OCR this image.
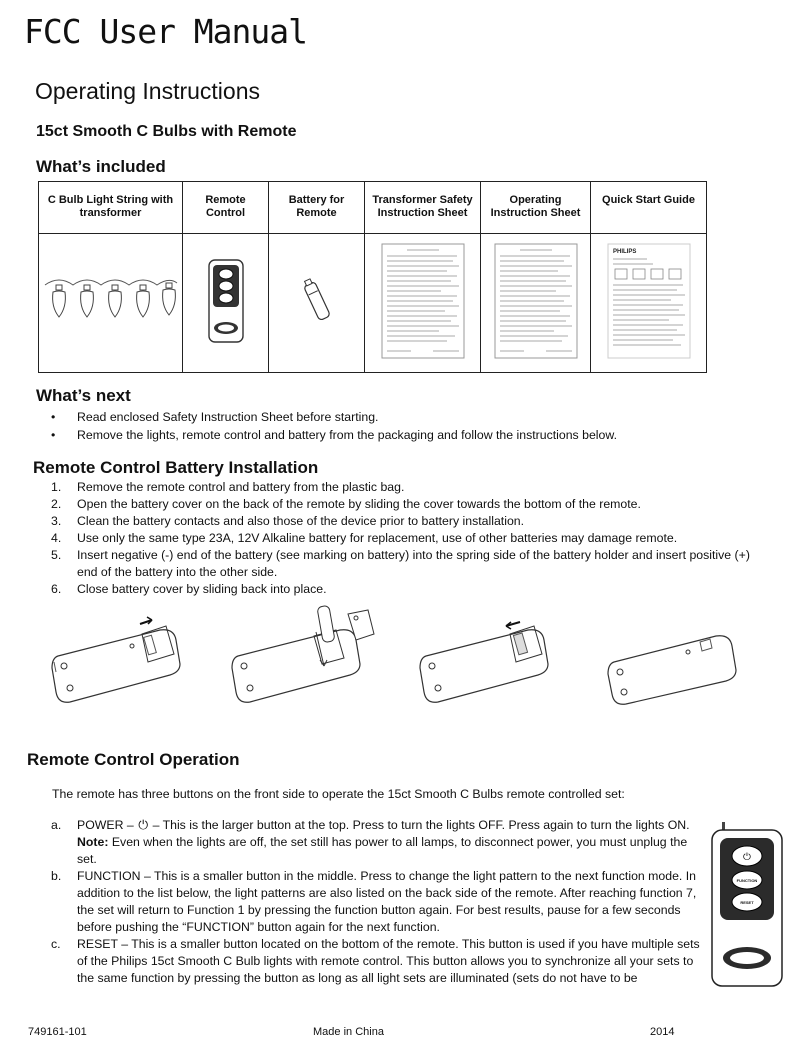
FCC User Manual
Operating Instructions
15ct Smooth C Bulbs with Remote
What’s included
C Bulb Light String with transformer	Remote Control	Battery for Remote	Transformer Safety Instruction Sheet	Operating Instruction Sheet	Quick Start Guide

PHILIPS
What’s next
• Read enclosed Safety Instruction Sheet before starting.
• Remove the lights, remote control and battery from the packaging and follow the instructions below.
Remote Control Battery Installation
1. Remove the remote control and battery from the plastic bag.
2. Open the battery cover on the back of the remote by sliding the cover towards the bottom of the remote.
3. Clean the battery contacts and also those of the device prior to battery installation.
4. Use only the same type 23A, 12V Alkaline battery for replacement, use of other batteries may damage remote.
5. Insert negative (-) end of the battery (see marking on battery) into the spring side of the battery holder and insert positive (+) end of the battery into the other side.
6. Close battery cover by sliding back into place.
Remote Control Operation
The remote has three buttons on the front side to operate the 15ct Smooth C Bulbs remote controlled set:
a. POWER – ⏻ – This is the larger button at the top. Press to turn the lights OFF. Press again to turn the lights ON.
Note: Even when the lights are off, the set still has power to all lamps, to disconnect power, you must unplug the set.
b. FUNCTION – This is a smaller button in the middle. Press to change the light pattern to the next function mode. In addition to the list below, the light patterns are also listed on the back side of the remote. After reaching function 7, the set will return to Function 1 by pressing the function button again. For best results, pause for a few seconds before pushing the “FUNCTION” button again for the next function.
c. RESET – This is a smaller button located on the bottom of the remote. This button is used if you have multiple sets of the Philips 15ct Smooth C Bulb lights with remote control. This button allows you to synchronize all your sets to the same function by pressing the button as long as all light sets are illuminated (sets do not have to be
⏻
FUNCTION
RESET
749161-101	Made in China	2014
